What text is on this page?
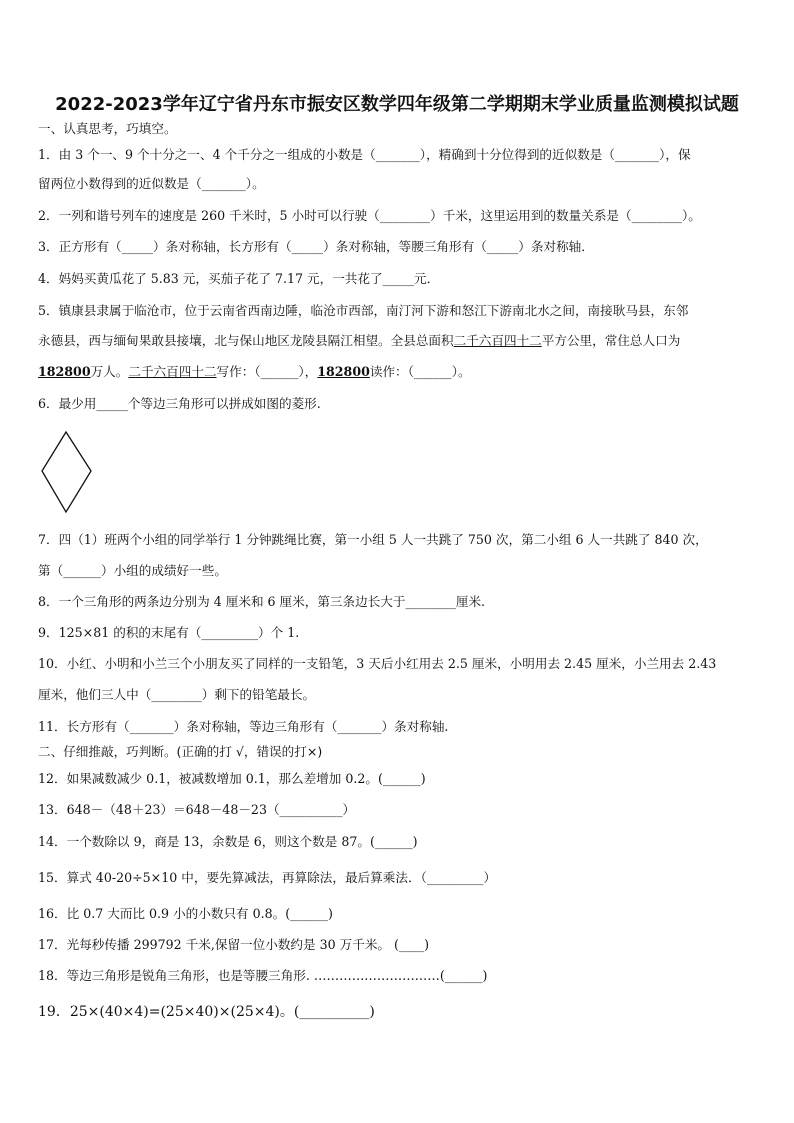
2022-2023学年辽宁省丹东市振安区数学四年级第二学期期末学业质量监测模拟试题
一、认真思考，巧填空。
1．由 3 个一、9 个十分之一、4 个千分之一组成的小数是（_______），精确到十分位得到的近似数是（_______），保
留两位小数得到的近似数是（_______）。
2．一列和谐号列车的速度是 260 千米时，5 小时可以行驶（________）千米，这里运用到的数量关系是（________）。
3．正方形有（_____）条对称轴，长方形有（_____）条对称轴，等腰三角形有（_____）条对称轴．
4．妈妈买黄瓜花了 5.83 元，买茄子花了 7.17 元，一共花了_____元．
5．镇康县隶属于临沧市，位于云南省西南边陲，临沧市西部，南汀河下游和怒江下游南北水之间，南接耿马县，东邻
永德县，西与缅甸果敢县接壤，北与保山地区龙陵县隔江相望。全县总面积二千六百四十二平方公里，常住总人口为
182800万人。二千六百四十二写作：（______），182800读作：（______）。
6．最少用_____个等边三角形可以拼成如图的菱形.
7．四（1）班两个小组的同学举行 1 分钟跳绳比赛，第一小组 5 人一共跳了 750 次，第二小组 6 人一共跳了 840 次，
第（______）小组的成绩好一些。
8．一个三角形的两条边分别为 4 厘米和 6 厘米，第三条边长大于________厘米.
9．125×81 的积的末尾有（_________）个 1.
10．小红、小明和小兰三个小朋友买了同样的一支铅笔，3 天后小红用去 2.5 厘米，小明用去 2.45 厘米，小兰用去 2.43
厘米，他们三人中（________）剩下的铅笔最长。
11．长方形有（_______）条对称轴，等边三角形有（_______）条对称轴.
二、仔细推敲，巧判断。(正确的打 √，错误的打×)
12．如果减数减少 0.1，被减数增加 0.1，那么差增加 0.2。(______)
13．648－（48＋23）＝648－48－23（__________）
14．一个数除以 9，商是 13，余数是 6，则这个数是 87。(______)
15．算式 40-20÷5×10 中，要先算减法，再算除法，最后算乘法．（_________）
16．比 0.7 大而比 0.9 小的小数只有 0.8。(______)
17．光每秒传播 299792 千米,保留一位小数约是 30 万千米。 (____)
18．等边三角形是锐角三角形，也是等腰三角形. …………………………(______)
19．25×(40×4)=(25×40)×(25×4)。(__________)
